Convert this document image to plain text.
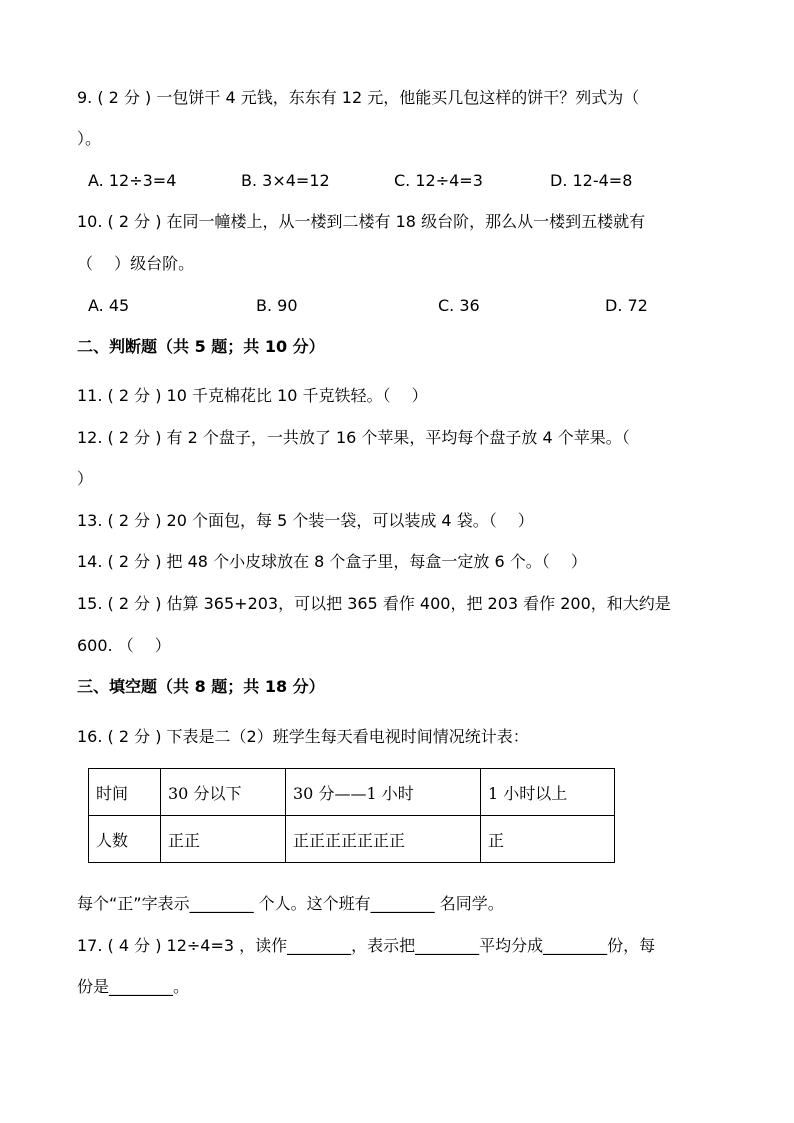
9. ( 2 分 ) 一包饼干 4 元钱，东东有 12 元，他能买几包这样的饼干？列式为（
）。
A. 12÷3=4	B. 3×4=12	C. 12÷4=3	D. 12-4=8
10. ( 2 分 ) 在同一幢楼上，从一楼到二楼有 18 级台阶，那么从一楼到五楼就有
（　 ）级台阶。
A. 45	B. 90	C. 36	D. 72
二、判断题（共 5 题；共 10 分）
11. ( 2 分 ) 10 千克棉花比 10 千克铁轻。（　 ）
12. ( 2 分 ) 有 2 个盘子，一共放了 16 个苹果，平均每个盘子放 4 个苹果。（
）
13. ( 2 分 ) 20 个面包，每 5 个装一袋，可以装成 4 袋。（　 ）
14. ( 2 分 ) 把 48 个小皮球放在 8 个盒子里，每盒一定放 6 个。（　 ）
15. ( 2 分 ) 估算 365+203，可以把 365 看作 400，把 203 看作 200，和大约是
600. （　 ）
三、填空题（共 8 题；共 18 分）
16. ( 2 分 ) 下表是二（2）班学生每天看电视时间情况统计表：
时间	30 分以下	30 分——1 小时	1 小时以上
人数	正正	正正正正正正正	正
每个“正”字表示________ 个人。这个班有________ 名同学。
17. ( 4 分 ) 12÷4=3 ，读作________，表示把________平均分成________份，每
份是________。
